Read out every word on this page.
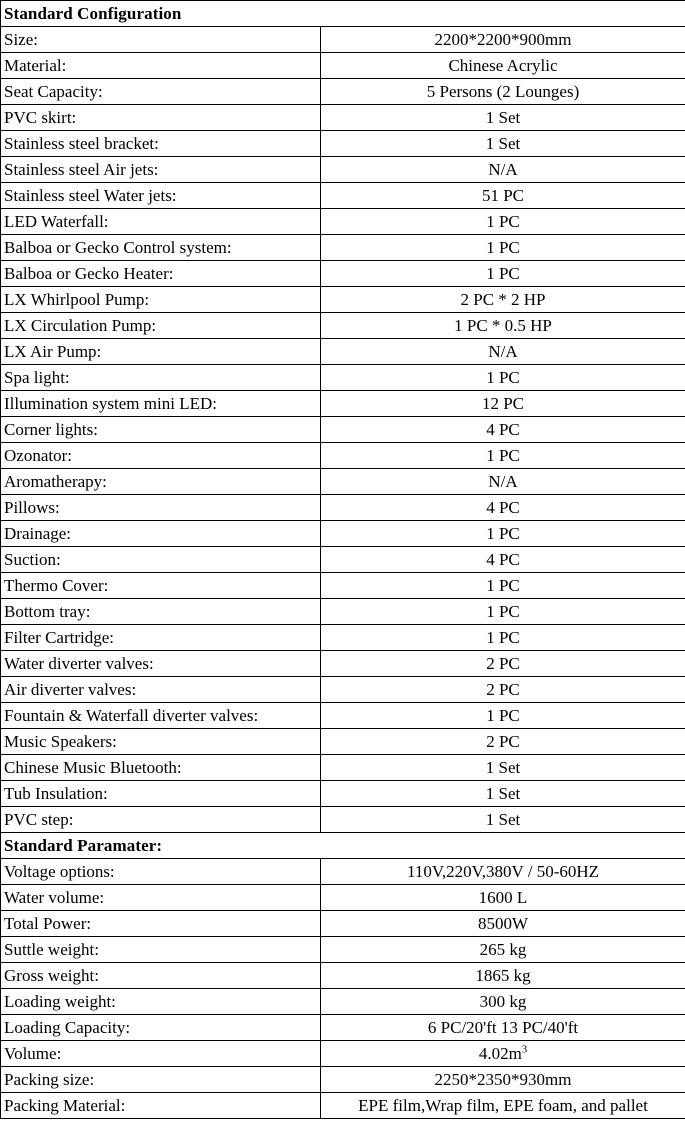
Standard Configuration	
Size:	2200*2200*900mm
Material:	Chinese Acrylic
Seat Capacity:	5 Persons (2 Lounges)
PVC skirt:	1 Set
Stainless steel bracket:	1 Set
Stainless steel Air jets:	N/A
Stainless steel Water jets:	51 PC
LED Waterfall:	1 PC
Balboa or Gecko Control system:	1 PC
Balboa or Gecko Heater:	1 PC
LX Whirlpool Pump:	2 PC * 2 HP
LX Circulation Pump:	1 PC * 0.5 HP
LX Air Pump:	N/A
Spa light:	1 PC
Illumination system mini LED:	12 PC
Corner lights:	4 PC
Ozonator:	1 PC
Aromatherapy:	N/A
Pillows:	4 PC
Drainage:	1 PC
Suction:	4 PC
Thermo Cover:	1 PC
Bottom tray:	1 PC
Filter Cartridge:	1 PC
Water diverter valves:	2 PC
Air diverter valves:	2 PC
Fountain & Waterfall diverter valves:	1 PC
Music Speakers:	2 PC
Chinese Music Bluetooth:	1 Set
Tub Insulation:	1 Set
PVC step:	1 Set
Standard Paramater:	
Voltage options:	110V,220V,380V / 50-60HZ
Water volume:	1600 L
Total Power:	8500W
Suttle weight:	265 kg
Gross weight:	1865 kg
Loading weight:	300 kg
Loading Capacity:	6 PC/20'ft 13 PC/40'ft
Volume:	$4.02m^3$
Packing size:	2250*2350*930mm
Packing Material:	EPE film,Wrap film, EPE foam, and pallet
